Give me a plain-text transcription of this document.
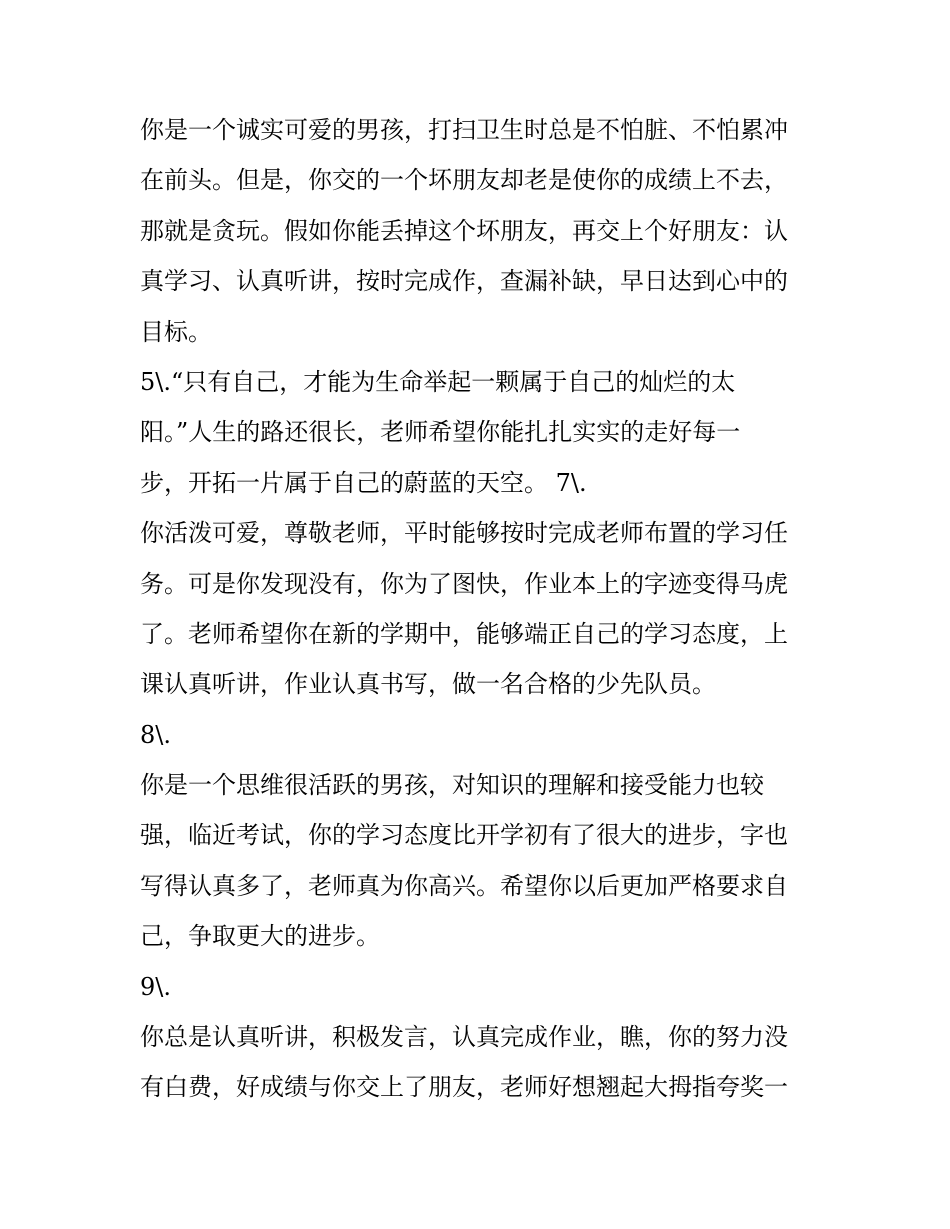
你是一个诚实可爱的男孩，打扫卫生时总是不怕脏、不怕累冲
在前头。但是，你交的一个坏朋友却老是使你的成绩上不去，
那就是贪玩。假如你能丢掉这个坏朋友，再交上个好朋友：认
真学习、认真听讲，按时完成作，查漏补缺，早日达到心中的
目标。
5\.“只有自己，才能为生命举起一颗属于自己的灿烂的太
阳。”人生的路还很长，老师希望你能扎扎实实的走好每一
步，开拓一片属于自己的蔚蓝的天空。 7\.
你活泼可爱，尊敬老师，平时能够按时完成老师布置的学习任
务。可是你发现没有，你为了图快，作业本上的字迹变得马虎
了。老师希望你在新的学期中，能够端正自己的学习态度，上
课认真听讲，作业认真书写，做一名合格的少先队员。
8\.
你是一个思维很活跃的男孩，对知识的理解和接受能力也较
强，临近考试，你的学习态度比开学初有了很大的进步，字也
写得认真多了，老师真为你高兴。希望你以后更加严格要求自
己，争取更大的进步。
9\.
你总是认真听讲，积极发言，认真完成作业，瞧，你的努力没
有白费，好成绩与你交上了朋友，老师好想翘起大拇指夸奖一
